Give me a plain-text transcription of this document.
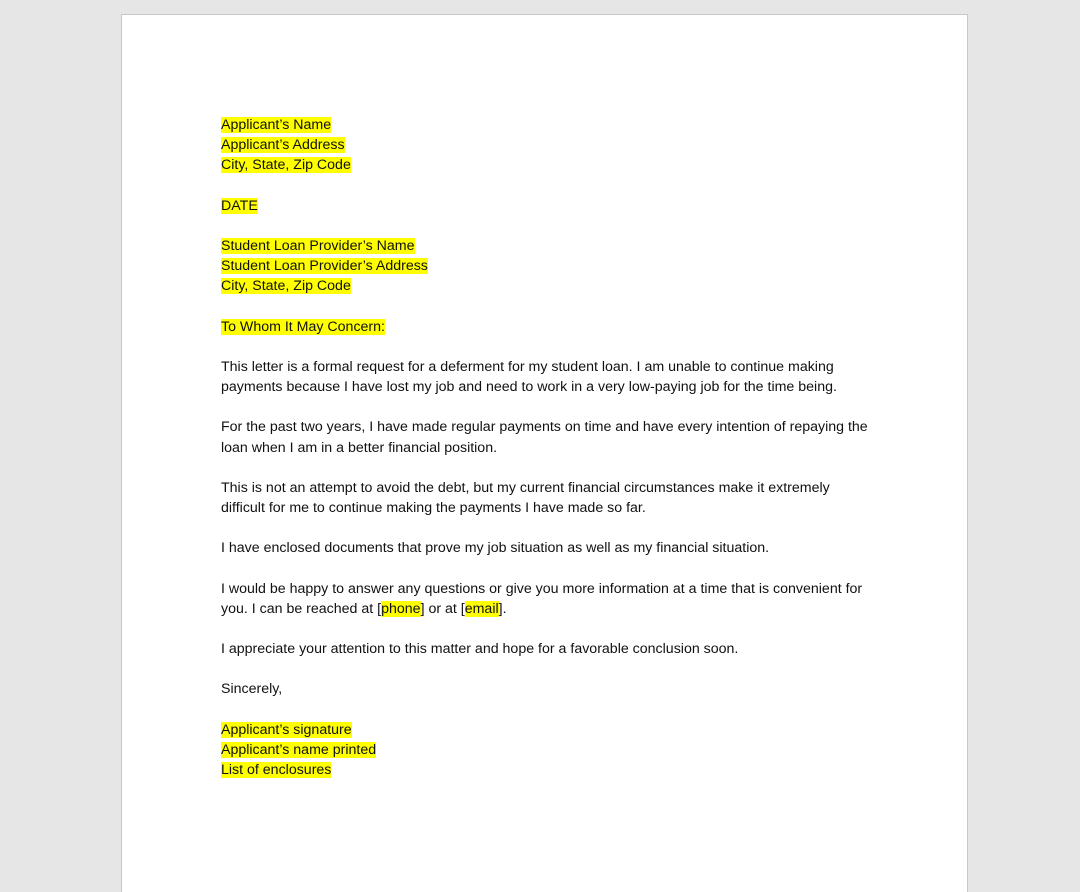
Applicant’s Name
Applicant’s Address
City, State, Zip Code
DATE
Student Loan Provider’s Name
Student Loan Provider’s Address
City, State, Zip Code
To Whom It May Concern:
This letter is a formal request for a deferment for my student loan. I am unable to continue making
payments because I have lost my job and need to work in a very low-paying job for the time being.
For the past two years, I have made regular payments on time and have every intention of repaying the
loan when I am in a better financial position.
This is not an attempt to avoid the debt, but my current financial circumstances make it extremely
difficult for me to continue making the payments I have made so far.
I have enclosed documents that prove my job situation as well as my financial situation.
I would be happy to answer any questions or give you more information at a time that is convenient for
you. I can be reached at [phone] or at [email].
I appreciate your attention to this matter and hope for a favorable conclusion soon.
Sincerely,
Applicant’s signature
Applicant’s name printed
List of enclosures
